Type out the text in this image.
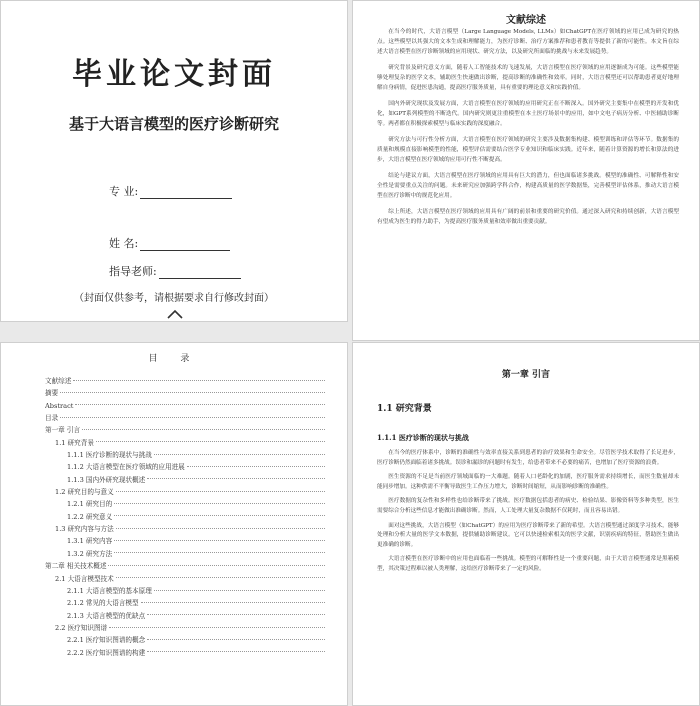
毕业论文封面
基于大语言模型的医疗诊断研究
专 业:
姓 名:
指导老师:
（封面仅供参考，请根据要求自行修改封面）
文献综述

在当今的时代，大语言模型（Large Language Models, LLMs）如ChatGPT在医疗领域的应用已成为研究的热点。这些模型以其强大的文本生成和理解能力，为医疗诊断、治疗方案推荐和患者教育等提供了新的可能性。本文旨在综述大语言模型在医疗诊断领域的应用现状、研究方法，以及研究所面临的挑战与未来发展趋势。

研究背景及研究意义方面，随着人工智能技术的飞速发展，大语言模型在医疗领域的应用逐渐成为可能。这些模型能够处理复杂的医学文本，辅助医生快速做出诊断，提高诊断的准确性和效率。同时，大语言模型还可以帮助患者更好地理解自身病情，促进医患沟通，提高医疗服务质量，具有重要的理论意义和实践价值。

国内外研究现状及发展方面，大语言模型在医疗领域的应用研究正在不断深入。国外研究主要集中在模型的开发和优化，如GPT系列模型的不断迭代。国内研究则更注重模型在本土医疗场景中的应用，如中文电子病历分析、中医辅助诊断等。两者都在积极探索模型与临床实践的深度融合。

研究方法与可行性分析方面，大语言模型在医疗领域的研究主要涉及数据集构建、模型训练和评估等环节。数据集的质量和规模直接影响模型的性能，模型评估需要结合医学专业知识和临床实践。近年来，随着计算资源的增长和算法的进步，大语言模型在医疗领域的应用可行性不断提高。

结论与建议方面，大语言模型在医疗领域的应用具有巨大的潜力，但也面临诸多挑战。模型的准确性、可解释性和安全性是需要重点关注的问题。未来研究应加强跨学科合作，构建高质量的医学数据集，完善模型评估体系，推动大语言模型在医疗诊断中的规范化应用。

综上所述，大语言模型在医疗领域的应用具有广阔的前景和重要的研究价值。通过深入研究和持续创新，大语言模型有望成为医生的得力助手，为提高医疗服务质量和效率做出重要贡献。

目 录
文献综述
摘要
Abstract
目录
第一章 引言
1.1 研究背景
1.1.1 医疗诊断的现状与挑战
1.1.2 大语言模型在医疗领域的应用进展
1.1.3 国内外研究现状概述
1.2 研究目的与意义
1.2.1 研究目的
1.2.2 研究意义
1.3 研究内容与方法
1.3.1 研究内容
1.3.2 研究方法
第二章 相关技术概述
2.1 大语言模型技术
2.1.1 大语言模型的基本原理
2.1.2 常见的大语言模型
2.1.3 大语言模型的优缺点
2.2 医疗知识图谱
2.2.1 医疗知识图谱的概念
2.2.2 医疗知识图谱的构建
第一章 引言
1.1 研究背景
1.1.1 医疗诊断的现状与挑战

在当今的医疗体系中，诊断的准确性与效率直接关系到患者的治疗效果和生命安全。尽管医学技术取得了长足进步，医疗诊断仍然面临着诸多挑战。误诊和漏诊的问题时有发生，给患者带来不必要的痛苦，也增加了医疗资源的浪费。

医生资源的不足是当前医疗领域面临的一大难题。随着人口老龄化的加剧，医疗服务需求持续增长，而医生数量却未能同步增加。这种供需不平衡导致医生工作压力增大，诊断时间缩短，从而影响诊断的准确性。

医疗数据的复杂性和多样性也给诊断带来了挑战。医疗数据包括患者的病史、检验结果、影像资料等多种类型，医生需要综合分析这些信息才能做出准确诊断。然而，人工处理大量复杂数据不仅耗时，而且容易出错。

面对这些挑战，大语言模型（如ChatGPT）的应用为医疗诊断带来了新的希望。大语言模型通过深度学习技术，能够处理和分析大量的医学文本数据，提供辅助诊断建议。它可以快速检索相关的医学文献，识别疾病的特征，帮助医生做出更准确的诊断。

大语言模型在医疗诊断中的应用也面临着一些挑战。模型的可解释性是一个重要问题，由于大语言模型通常是黑箱模型，其决策过程难以被人类理解，这给医疗诊断带来了一定的风险。
